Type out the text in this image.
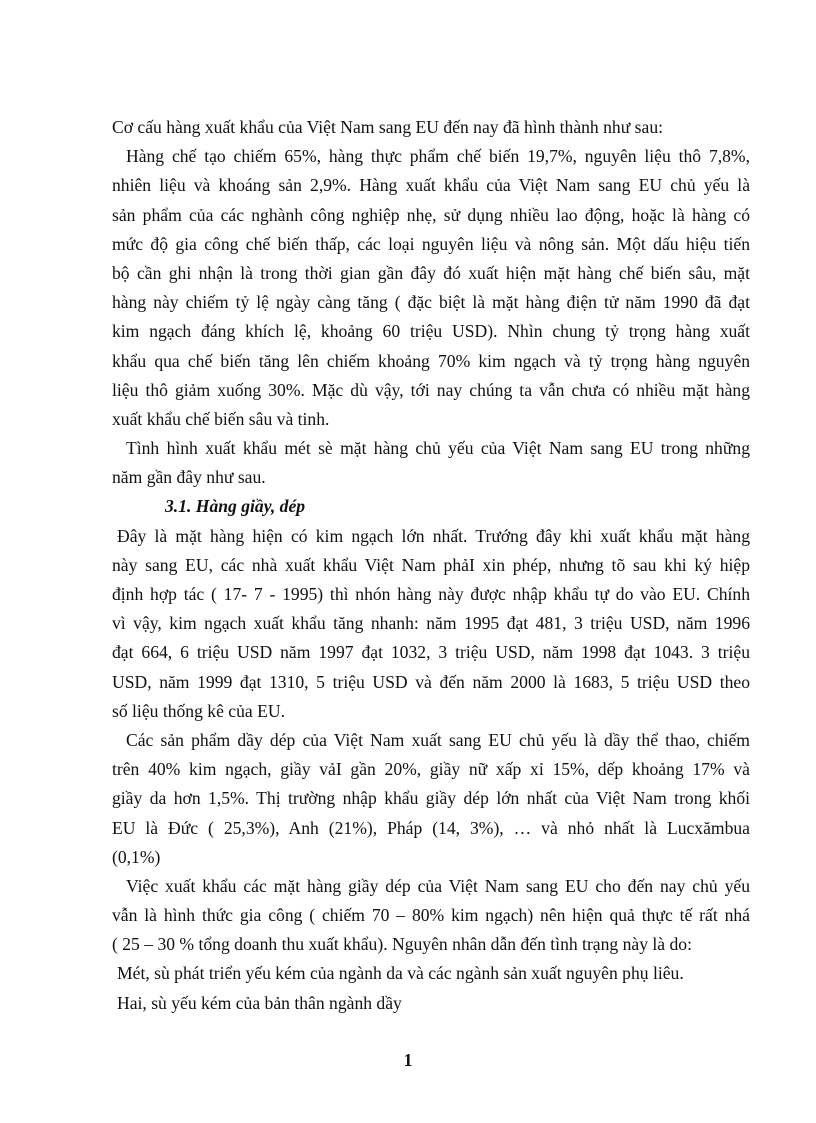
Cơ cấu hàng xuất khẩu của Việt Nam sang EU đến nay đã hình thành như sau:
Hàng chế tạo chiếm 65%, hàng thực phẩm chế biến 19,7%, nguyên liệu thô 7,8%,
nhiên liệu và khoáng sản 2,9%. Hàng xuất khẩu của Việt Nam sang EU chủ yếu là
sản phẩm của các nghành công nghiệp nhẹ, sử dụng nhiều lao động, hoặc là hàng có
mức độ gia công chế biến thấp, các loại nguyên liệu và nông sản. Một dấu hiệu tiến
bộ cần ghi nhận là trong thời gian gần đây đó xuất hiện mặt hàng chế biến sâu, mặt
hàng này chiếm tỷ lệ ngày càng tăng ( đặc biệt là mặt hàng điện tử năm 1990 đã đạt
kim ngạch đáng khích lệ, khoảng 60 triệu USD). Nhìn chung tỷ trọng hàng xuất
khẩu qua chế biến tăng lên chiếm khoảng 70% kim ngạch và tỷ trọng hàng nguyên
liệu thô giảm xuống 30%. Mặc dù vậy, tới nay chúng ta vẫn chưa có nhiều mặt hàng
xuất khẩu chế biến sâu và tinh.
Tình hình xuất khẩu mét sè mặt hàng chủ yếu của Việt Nam sang EU trong những
năm gần đây như sau.
3.1. Hàng giầy, dép
Đây là mặt hàng hiện có kim ngạch lớn nhất. Trướng đây khi xuất khẩu mặt hàng
này sang EU, các nhà xuất khẩu Việt Nam phảI xin phép, nhưng tõ sau khi ký hiệp
định hợp tác ( 17- 7 - 1995) thì nhón hàng này được nhập khẩu tự do vào EU. Chính
vì vậy, kim ngạch xuất khẩu tăng nhanh: năm 1995 đạt 481, 3 triệu USD, năm 1996
đạt 664, 6 triệu USD năm 1997 đạt 1032, 3 triệu USD, năm 1998 đạt 1043. 3 triệu
USD, năm 1999 đạt 1310, 5 triệu USD và đến năm 2000 là 1683, 5 triệu USD theo
số liệu thống kê của EU.
Các sản phẩm dầy dép của Việt Nam xuất sang EU chủ yếu là dầy thể thao, chiếm
trên 40% kim ngạch, giầy vảI gần 20%, giầy nữ xấp xỉ 15%, dếp khoảng 17% và
giầy da hơn 1,5%. Thị trường nhập khẩu giầy dép lớn nhất của Việt Nam trong khối
EU là Đức ( 25,3%), Anh (21%), Pháp (14, 3%), … và nhỏ nhất là Lucxămbua
(0,1%)
Việc xuất khẩu các mặt hàng giầy dép của Việt Nam sang EU cho đến nay chủ yếu
vẫn là hình thức gia công ( chiếm 70 – 80% kim ngạch) nên hiện quả thực tế rất nhá
( 25 – 30 % tổng doanh thu xuất khẩu). Nguyên nhân dẫn đến tình trạng này là do:
Mét, sù phát triển yếu kém của ngành da và các ngành sản xuất nguyên phụ liêu.
Hai, sù yếu kém của bản thân ngành dầy
1
